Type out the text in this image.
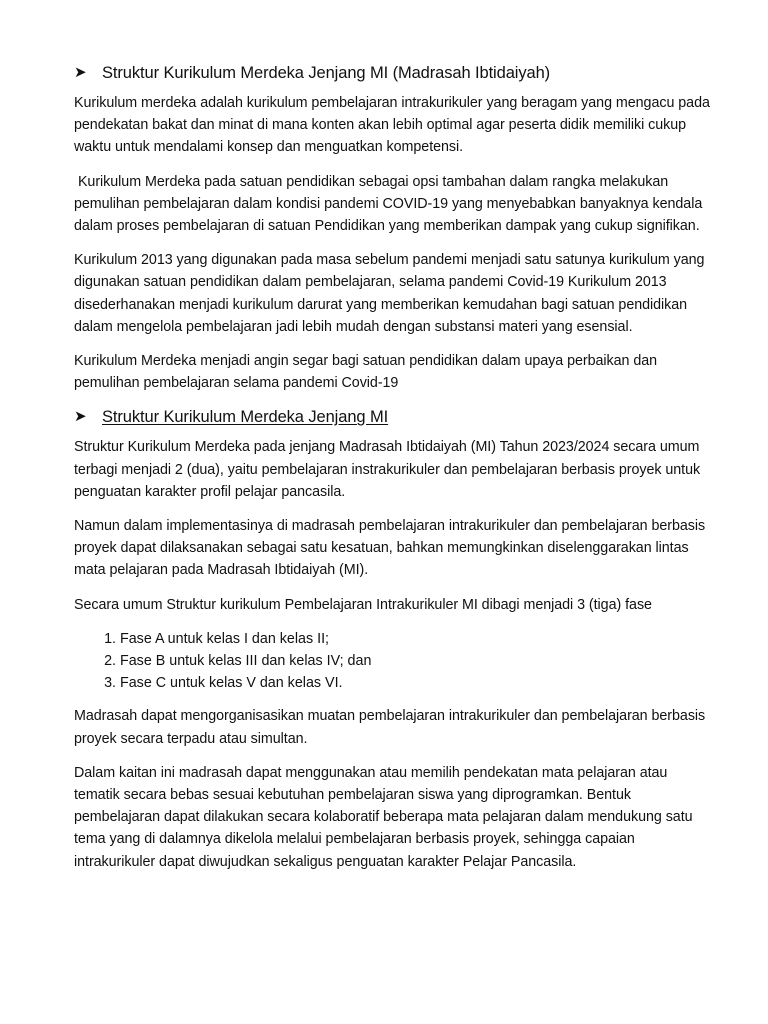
➤ Struktur Kurikulum Merdeka Jenjang MI (Madrasah Ibtidaiyah)

Kurikulum merdeka adalah kurikulum pembelajaran intrakurikuler yang beragam yang mengacu pada pendekatan bakat dan minat di mana konten akan lebih optimal agar peserta didik memiliki cukup waktu untuk mendalami konsep dan menguatkan kompetensi.

Kurikulum Merdeka pada satuan pendidikan sebagai opsi tambahan dalam rangka melakukan pemulihan pembelajaran dalam kondisi pandemi COVID-19 yang menyebabkan banyaknya kendala dalam proses pembelajaran di satuan Pendidikan yang memberikan dampak yang cukup signifikan.

Kurikulum 2013 yang digunakan pada masa sebelum pandemi menjadi satu satunya kurikulum yang digunakan satuan pendidikan dalam pembelajaran, selama pandemi Covid-19 Kurikulum 2013 disederhanakan menjadi kurikulum darurat yang memberikan kemudahan bagi satuan pendidikan dalam mengelola pembelajaran jadi lebih mudah dengan substansi materi yang esensial.

Kurikulum Merdeka menjadi angin segar bagi satuan pendidikan dalam upaya perbaikan dan pemulihan pembelajaran selama pandemi Covid-19

➤ Struktur Kurikulum Merdeka Jenjang MI

Struktur Kurikulum Merdeka pada jenjang Madrasah Ibtidaiyah (MI) Tahun 2023/2024 secara umum terbagi menjadi 2 (dua), yaitu pembelajaran instrakurikuler dan pembelajaran berbasis proyek untuk penguatan karakter profil pelajar pancasila.

Namun dalam implementasinya di madrasah pembelajaran intrakurikuler dan pembelajaran berbasis proyek dapat dilaksanakan sebagai satu kesatuan, bahkan memungkinkan diselenggarakan lintas mata pelajaran pada Madrasah Ibtidaiyah (MI).

Secara umum Struktur kurikulum Pembelajaran Intrakurikuler MI dibagi menjadi 3 (tiga) fase

1. Fase A untuk kelas I dan kelas II;
2. Fase B untuk kelas III dan kelas IV; dan
3. Fase C untuk kelas V dan kelas VI.

Madrasah dapat mengorganisasikan muatan pembelajaran intrakurikuler dan pembelajaran berbasis proyek secara terpadu atau simultan.

Dalam kaitan ini madrasah dapat menggunakan atau memilih pendekatan mata pelajaran atau tematik secara bebas sesuai kebutuhan pembelajaran siswa yang diprogramkan. Bentuk pembelajaran dapat dilakukan secara kolaboratif beberapa mata pelajaran dalam mendukung satu tema yang di dalamnya dikelola melalui pembelajaran berbasis proyek, sehingga capaian intrakurikuler dapat diwujudkan sekaligus penguatan karakter Pelajar Pancasila.
